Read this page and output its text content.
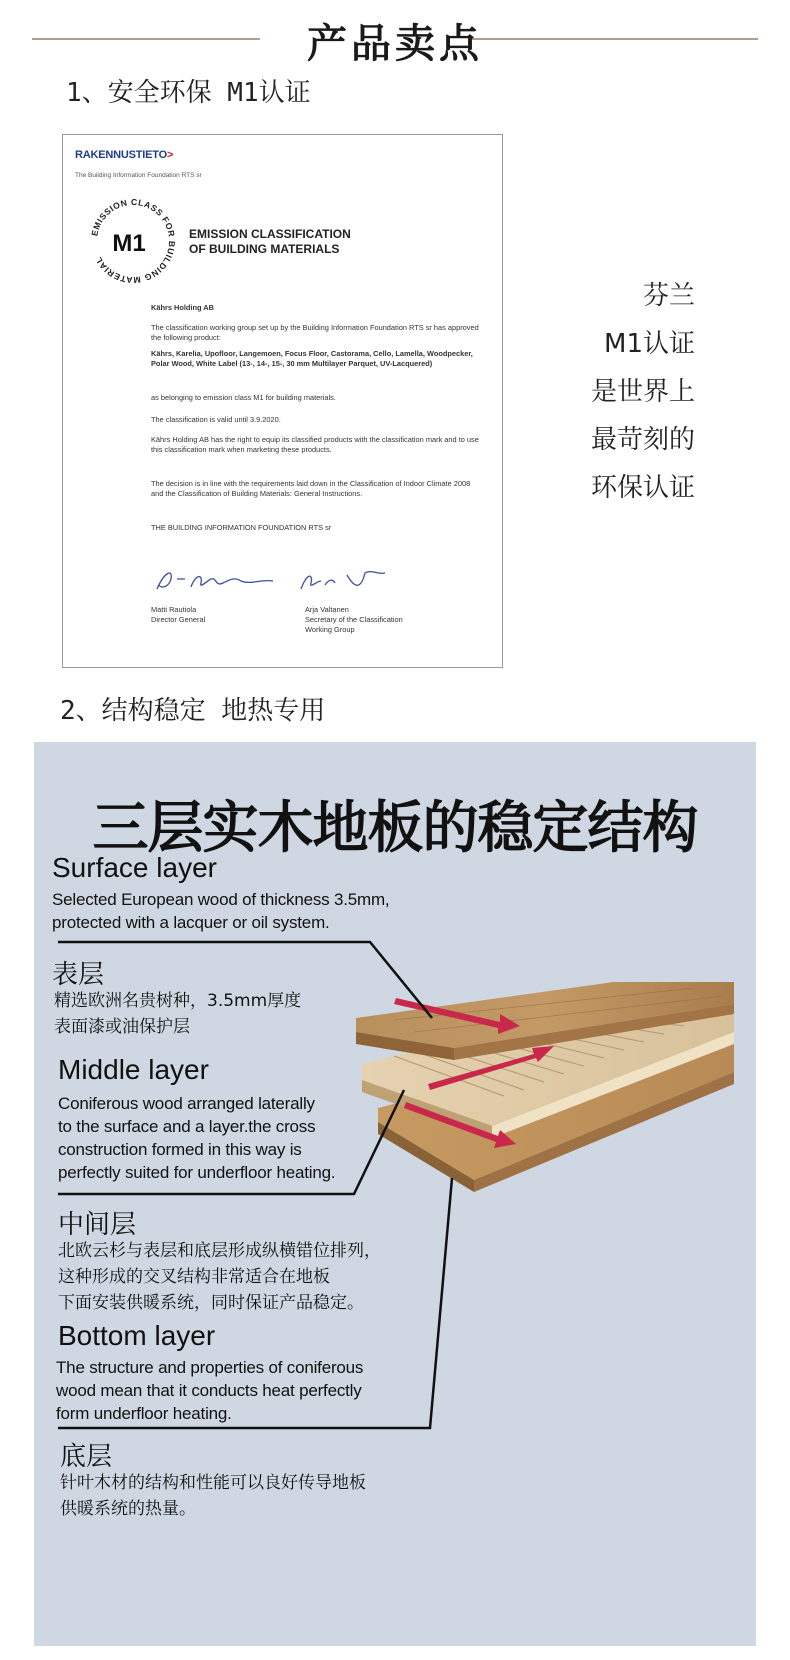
产品卖点
1、安全环保 M1认证
RAKENNUSTIETO>
The Building Information Foundation RTS sr
EMISSION CLASS FOR BUILDING MATERIAL
M1	EMISSION CLASSIFICATION
OF BUILDING MATERIALS
Kährs Holding AB
The classification working group set up by the Building Information Foundation RTS sr has approved the following product:
Kährs, Karelia, Upofloor, Langemoen, Focus Floor, Castorama, Cello, Lamella, Woodpecker, Polar Wood, White Label (13-, 14-, 15-, 30 mm Multilayer Parquet, UV-Lacquered)
as belonging to emission class M1 for building materials.
The classification is valid until 3.9.2020.
Kährs Holding AB has the right to equip its classified products with the classification mark and to use this classification mark when marketing these products.
The decision is in line with the requirements laid down in the Classification of Indoor Climate 2008 and the Classification of Building Materials: General Instructions.
THE BUILDING INFORMATION FOUNDATION RTS sr
Matti Rautiola
Director General
Arja Valtanen
Secretary of the Classification
Working Group
芬兰
M1认证
是世界上
最苛刻的
环保认证
2、结构稳定 地热专用
三层实木地板的稳定结构
Surface layer
Selected European wood of thickness 3.5mm,
protected with a lacquer or oil system.
表层
精选欧洲名贵树种，3.5mm厚度
表面漆或油保护层
Middle layer
Coniferous wood arranged laterally
to the surface and a layer.the cross
construction formed in this way is
perfectly suited for underfloor heating.
中间层
北欧云杉与表层和底层形成纵横错位排列，
这种形成的交叉结构非常适合在地板
下面安装供暖系统，同时保证产品稳定。
Bottom layer
The structure and properties of coniferous
wood mean that it conducts heat perfectly
form underfloor heating.
底层
针叶木材的结构和性能可以良好传导地板
供暖系统的热量。
